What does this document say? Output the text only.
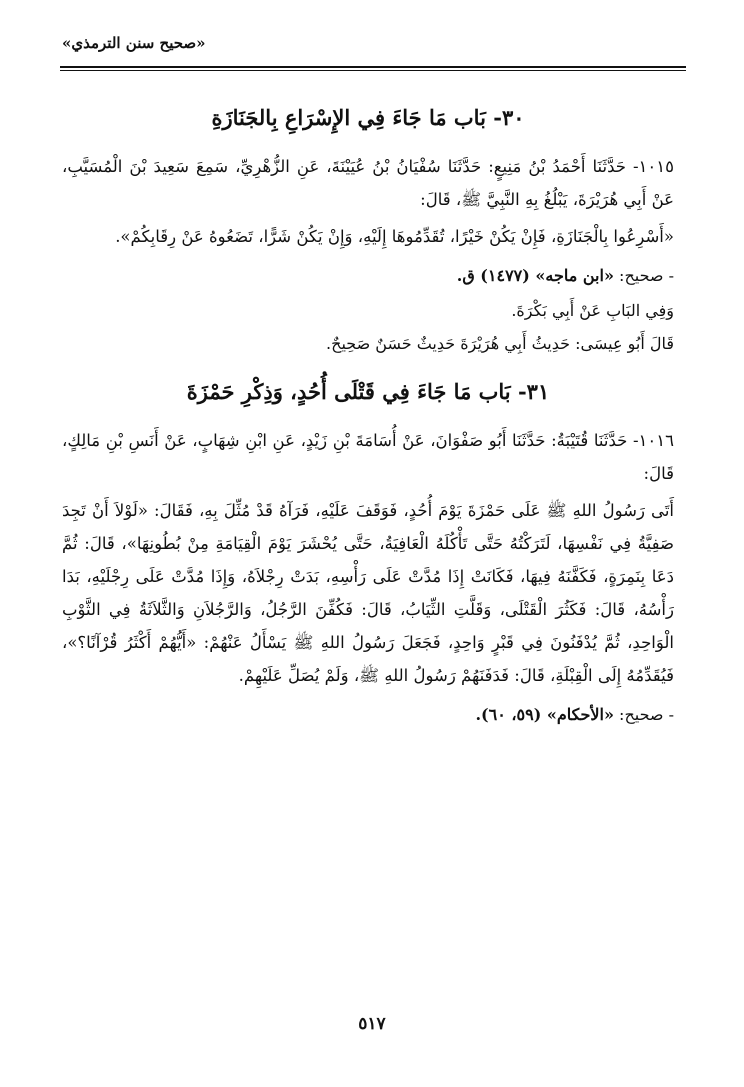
«صحيح سنن الترمذي»
٣٠- بَاب مَا جَاءَ فِي الإِسْرَاعِ بِالجَنَازَةِ

١٠١٥- حَدَّثَنَا أَحْمَدُ بْنُ مَنِيعٍ: حَدَّثَنَا سُفْيَانُ بْنُ عُيَيْنَةَ، عَنِ الزُّهْرِيِّ، سَمِعَ سَعِيدَ بْنَ الْمُسَيَّبِ، عَنْ أَبِي هُرَيْرَةَ، يَبْلُغُ بِهِ النَّبِيَّ ﷺ، قَالَ:

«أَسْرِعُوا بِالْجَنَازَةِ، فَإِنْ يَكُنْ خَيْرًا، تُقَدِّمُوهَا إِلَيْهِ، وَإِنْ يَكُنْ شَرًّا، تَضَعُوهُ عَنْ رِقَابِكُمْ».

- صحيح: «ابن ماجه» (١٤٧٧) ق.

وَفِي البَابِ عَنْ أَبِي بَكْرَةَ.

قَالَ أَبُو عِيسَى: حَدِيثُ أَبِي هُرَيْرَةَ حَدِيثٌ حَسَنٌ صَحِيحٌ.

٣١- بَاب مَا جَاءَ فِي قَتْلَى أُحُدٍ، وَذِكْرِ حَمْزَةَ

١٠١٦- حَدَّثَنَا قُتَيْبَةُ: حَدَّثَنَا أَبُو صَفْوَانَ، عَنْ أُسَامَةَ بْنِ زَيْدٍ، عَنِ ابْنِ شِهَابٍ، عَنْ أَنَسِ بْنِ مَالِكٍ، قَالَ:

أَتَى رَسُولُ اللهِ ﷺ عَلَى حَمْزَةَ يَوْمَ أُحُدٍ، فَوَقَفَ عَلَيْهِ، فَرَآهُ قَدْ مُثِّلَ بِهِ، فَقَالَ: «لَوْلاَ أَنْ تَجِدَ صَفِيَّةُ فِي نَفْسِهَا، لَتَرَكْتُهُ حَتَّى تَأْكُلَهُ الْعَافِيَةُ، حَتَّى يُحْشَرَ يَوْمَ الْقِيَامَةِ مِنْ بُطُونِهَا»، قَالَ: ثُمَّ دَعَا بِنَمِرَةٍ، فَكَفَّنَهُ فِيهَا، فَكَانَتْ إِذَا مُدَّتْ عَلَى رَأْسِهِ، بَدَتْ رِجْلاَهُ، وَإِذَا مُدَّتْ عَلَى رِجْلَيْهِ، بَدَا رَأْسُهُ، قَالَ: فَكَثُرَ الْقَتْلَى، وَقَلَّتِ الثِّيَابُ، قَالَ: فَكُفِّنَ الرَّجُلُ، وَالرَّجُلاَنِ وَالثَّلاَثَةُ فِي الثَّوْبِ الْوَاحِدِ، ثُمَّ يُدْفَنُونَ فِي قَبْرٍ وَاحِدٍ، فَجَعَلَ رَسُولُ اللهِ ﷺ يَسْأَلُ عَنْهُمْ: «أَيُّهُمْ أَكْثَرُ قُرْآنًا؟»، فَيُقَدِّمُهُ إِلَى الْقِبْلَةِ، قَالَ: فَدَفَنَهُمْ رَسُولُ اللهِ ﷺ، وَلَمْ يُصَلِّ عَلَيْهِمْ.

- صحيح: «الأحكام» (٥٩، ٦٠).
٥١٧
